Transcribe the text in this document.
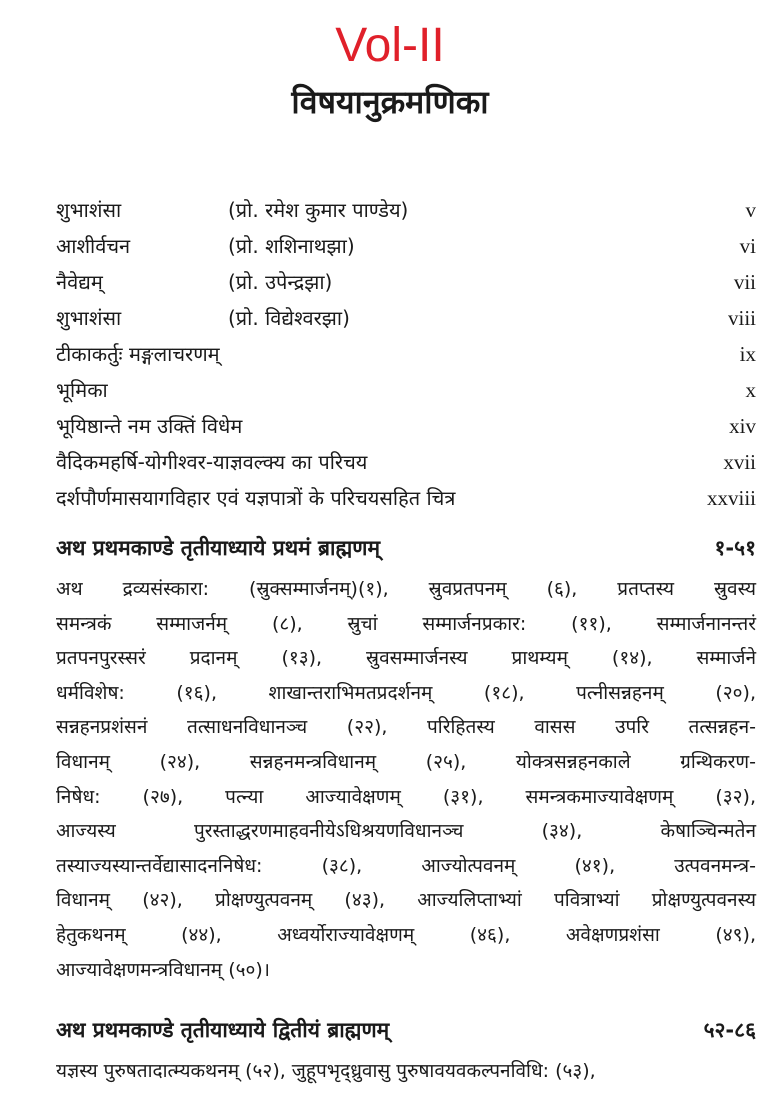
Vol-II
विषयानुक्रमणिका
शुभाशंसा	(प्रो. रमेश कुमार पाण्डेय)	v
आशीर्वचन	(प्रो. शशिनाथझा)	vi
नैवेद्यम्	(प्रो. उपेन्द्रझा)	vii
शुभाशंसा	(प्रो. विद्येश्वरझा)	viii
टीकाकर्तुः मङ्गलाचरणम्	ix
भूमिका	x
भूयिष्ठान्ते नम उक्तिं विधेम	xiv
वैदिकमहर्षि-योगीश्वर-याज्ञवल्क्य का परिचय	xvii
दर्शपौर्णमासयागविहार एवं यज्ञपात्रों के परिचयसहित चित्र	xxviii
अथ प्रथमकाण्डे तृतीयाध्याये प्रथमं ब्राह्मणम्	१-५१
अथ द्रव्यसंस्कारा: (स्रुक्सम्मार्जनम्)(१), स्रुवप्रतपनम् (६), प्रतप्तस्य स्रुवस्य
समन्त्रकं सम्माजर्नम् (८), स्रुचां सम्मार्जनप्रकार: (११), सम्मार्जनानन्तरं
प्रतपनपुरस्सरं प्रदानम् (१३), स्रुवसम्मार्जनस्य प्राथम्यम् (१४), सम्मार्जने
धर्मविशेष: (१६), शाखान्तराभिमतप्रदर्शनम् (१८), पत्नीसन्नहनम् (२०),
सन्नहनप्रशंसनं तत्साधनविधानञ्च (२२), परिहितस्य वासस उपरि तत्सन्नहन-
विधानम् (२४), सन्नहनमन्त्रविधानम् (२५), योक्त्रसन्नहनकाले ग्रन्थिकरण-
निषेध: (२७), पत्न्या आज्यावेक्षणम् (३१), समन्त्रकमाज्यावेक्षणम् (३२),
आज्यस्य पुरस्ताद्धरणमाहवनीयेऽधिश्रयणविधानञ्च (३४), केषाञ्चिन्मतेन
तस्याज्यस्यान्तर्वेद्यासादननिषेध: (३८), आज्योत्पवनम् (४१), उत्पवनमन्त्र-
विधानम् (४२), प्रोक्षण्युत्पवनम् (४३), आज्यलिप्ताभ्यां पवित्राभ्यां प्रोक्षण्युत्पवनस्य
हेतुकथनम् (४४), अध्वर्योराज्यावेक्षणम् (४६), अवेक्षणप्रशंसा (४९),
आज्यावेक्षणमन्त्रविधानम् (५०)।
अथ प्रथमकाण्डे तृतीयाध्याये द्वितीयं ब्राह्मणम्	५२-८६
यज्ञस्य पुरुषतादात्म्यकथनम् (५२), जुहूपभृद्ध्रुवासु पुरुषावयवकल्पनविधि: (५३),
